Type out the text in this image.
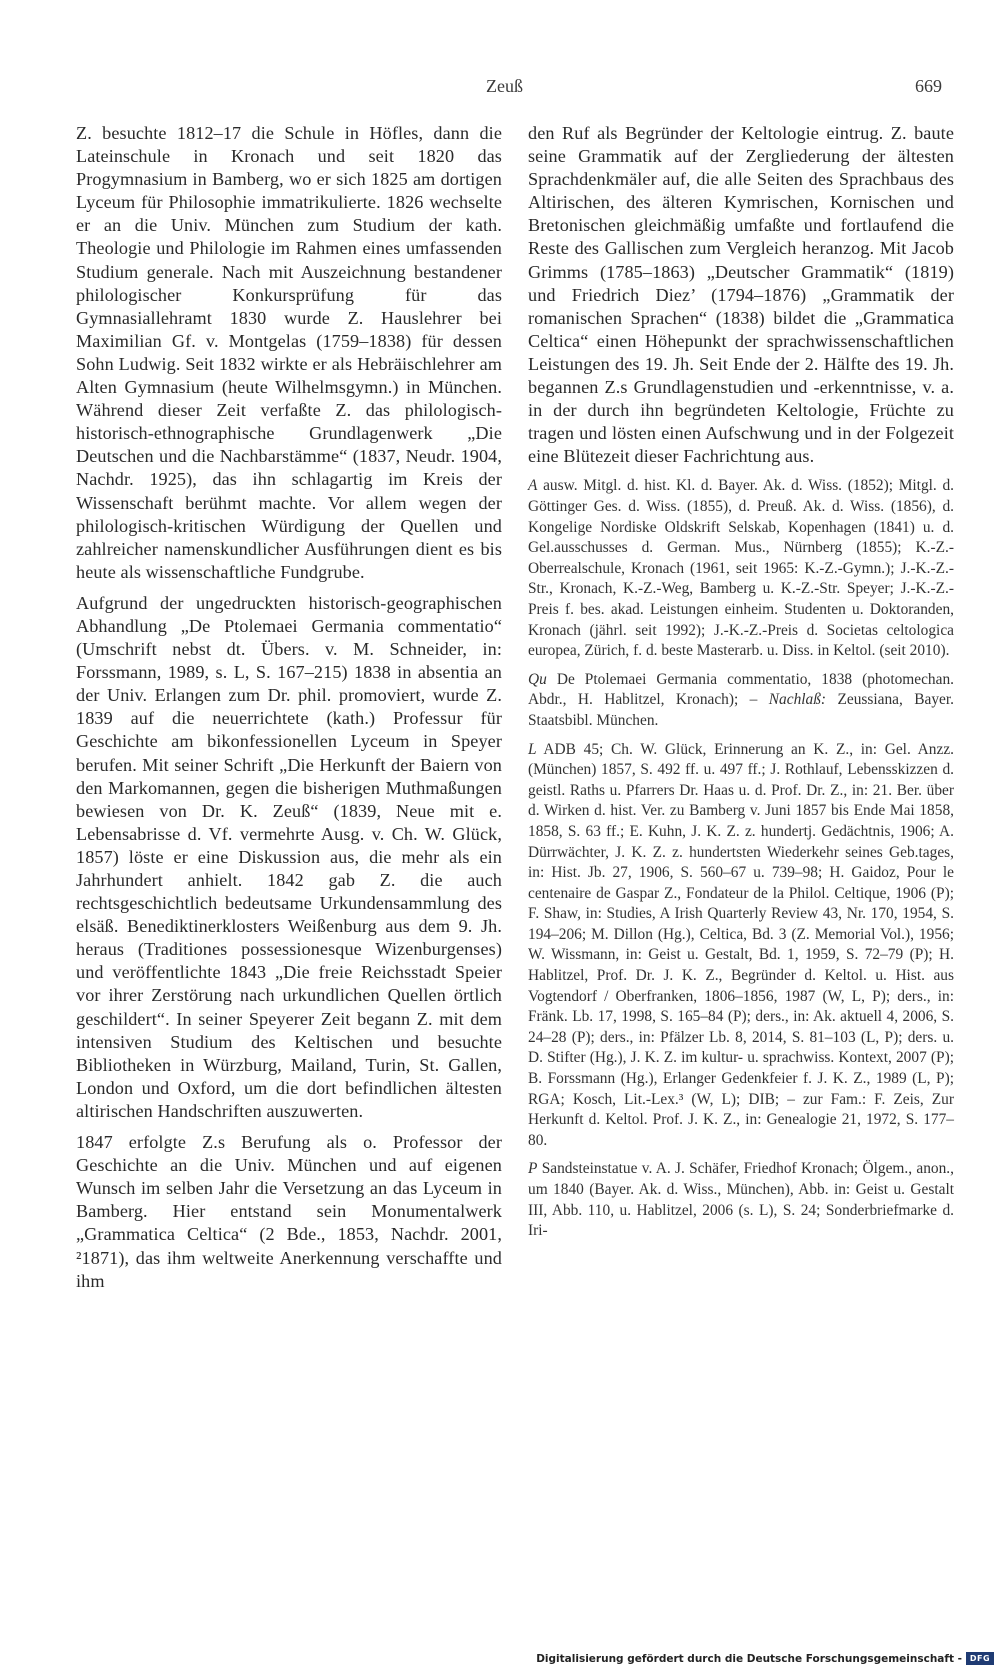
Zeuß	669

Z. besuchte 1812–17 die Schule in Höfles, dann die Lateinschule in Kronach und seit 1820 das Progymnasium in Bamberg, wo er sich 1825 am dortigen Lyceum für Philosophie immatrikulierte. 1826 wechselte er an die Univ. München zum Studium der kath. Theologie und Philologie im Rahmen eines umfassenden Studium generale. Nach mit Auszeichnung bestandener philologischer Konkursprüfung für das Gymnasiallehramt 1830 wurde Z. Hauslehrer bei Maximilian Gf. v. Montgelas (1759–1838) für dessen Sohn Ludwig. Seit 1832 wirkte er als Hebräischlehrer am Alten Gymnasium (heute Wilhelmsgymn.) in München. Während dieser Zeit verfaßte Z. das philologisch-historisch-ethnographische Grundlagenwerk „Die Deutschen und die Nachbarstämme“ (1837, Neudr. 1904, Nachdr. 1925), das ihn schlagartig im Kreis der Wissenschaft berühmt machte. Vor allem wegen der philologisch-kritischen Würdigung der Quellen und zahlreicher namenskundlicher Ausführungen dient es bis heute als wissenschaftliche Fundgrube.

Aufgrund der ungedruckten historisch-geographischen Abhandlung „De Ptolemaei Germania commentatio“ (Umschrift nebst dt. Übers. v. M. Schneider, in: Forssmann, 1989, s. L, S. 167–215) 1838 in absentia an der Univ. Erlangen zum Dr. phil. promoviert, wurde Z. 1839 auf die neuerrichtete (kath.) Professur für Geschichte am bikonfessionellen Lyceum in Speyer berufen. Mit seiner Schrift „Die Herkunft der Baiern von den Markomannen, gegen die bisherigen Muthmaßungen bewiesen von Dr. K. Zeuß“ (1839, Neue mit e. Lebensabrisse d. Vf. vermehrte Ausg. v. Ch. W. Glück, 1857) löste er eine Diskussion aus, die mehr als ein Jahrhundert anhielt. 1842 gab Z. die auch rechtsgeschichtlich bedeutsame Urkundensammlung des elsäß. Benediktinerklosters Weißenburg aus dem 9. Jh. heraus (Traditiones possessionesque Wizenburgenses) und veröffentlichte 1843 „Die freie Reichsstadt Speier vor ihrer Zerstörung nach urkundlichen Quellen örtlich geschildert“. In seiner Speyerer Zeit begann Z. mit dem intensiven Studium des Keltischen und besuchte Bibliotheken in Würzburg, Mailand, Turin, St. Gallen, London und Oxford, um die dort befindlichen ältesten altirischen Handschriften auszuwerten.

1847 erfolgte Z.s Berufung als o. Professor der Geschichte an die Univ. München und auf eigenen Wunsch im selben Jahr die Versetzung an das Lyceum in Bamberg. Hier entstand sein Monumentalwerk „Grammatica Celtica“ (2 Bde., 1853, Nachdr. 2001, ²1871), das ihm weltweite Anerkennung verschaffte und ihm

den Ruf als Begründer der Keltologie eintrug. Z. baute seine Grammatik auf der Zergliederung der ältesten Sprachdenkmäler auf, die alle Seiten des Sprachbaus des Altirischen, des älteren Kymrischen, Kornischen und Bretonischen gleichmäßig umfaßte und fortlaufend die Reste des Gallischen zum Vergleich heranzog. Mit Jacob Grimms (1785–1863) „Deutscher Grammatik“ (1819) und Friedrich Diez’ (1794–1876) „Grammatik der romanischen Sprachen“ (1838) bildet die „Grammatica Celtica“ einen Höhepunkt der sprachwissenschaftlichen Leistungen des 19. Jh. Seit Ende der 2. Hälfte des 19. Jh. begannen Z.s Grundlagenstudien und -erkenntnisse, v. a. in der durch ihn begründeten Keltologie, Früchte zu tragen und lösten einen Aufschwung und in der Folgezeit eine Blütezeit dieser Fachrichtung aus.

A ausw. Mitgl. d. hist. Kl. d. Bayer. Ak. d. Wiss. (1852); Mitgl. d. Göttinger Ges. d. Wiss. (1855), d. Preuß. Ak. d. Wiss. (1856), d. Kongelige Nordiske Oldskrift Selskab, Kopenhagen (1841) u. d. Gel.ausschusses d. German. Mus., Nürnberg (1855); K.-Z.-Oberrealschule, Kronach (1961, seit 1965: K.-Z.-Gymn.); J.-K.-Z.-Str., Kronach, K.-Z.-Weg, Bamberg u. K.-Z.-Str. Speyer; J.-K.-Z.-Preis f. bes. akad. Leistungen einheim. Studenten u. Doktoranden, Kronach (jährl. seit 1992); J.-K.-Z.-Preis d. Societas celtologica europea, Zürich, f. d. beste Masterarb. u. Diss. in Keltol. (seit 2010).

Qu De Ptolemaei Germania commentatio, 1838 (photomechan. Abdr., H. Hablitzel, Kronach); – Nachlaß: Zeussiana, Bayer. Staatsbibl. München.

L ADB 45; Ch. W. Glück, Erinnerung an K. Z., in: Gel. Anzz. (München) 1857, S. 492 ff. u. 497 ff.; J. Rothlauf, Lebensskizzen d. geistl. Raths u. Pfarrers Dr. Haas u. d. Prof. Dr. Z., in: 21. Ber. über d. Wirken d. hist. Ver. zu Bamberg v. Juni 1857 bis Ende Mai 1858, 1858, S. 63 ff.; E. Kuhn, J. K. Z. z. hundertj. Gedächtnis, 1906; A. Dürrwächter, J. K. Z. z. hundertsten Wiederkehr seines Geb.tages, in: Hist. Jb. 27, 1906, S. 560–67 u. 739–98; H. Gaidoz, Pour le centenaire de Gaspar Z., Fondateur de la Philol. Celtique, 1906 (P); F. Shaw, in: Studies, A Irish Quarterly Review 43, Nr. 170, 1954, S. 194–206; M. Dillon (Hg.), Celtica, Bd. 3 (Z. Memorial Vol.), 1956; W. Wissmann, in: Geist u. Gestalt, Bd. 1, 1959, S. 72–79 (P); H. Hablitzel, Prof. Dr. J. K. Z., Begründer d. Keltol. u. Hist. aus Vogtendorf / Oberfranken, 1806–1856, 1987 (W, L, P); ders., in: Fränk. Lb. 17, 1998, S. 165–84 (P); ders., in: Ak. aktuell 4, 2006, S. 24–28 (P); ders., in: Pfälzer Lb. 8, 2014, S. 81–103 (L, P); ders. u. D. Stifter (Hg.), J. K. Z. im kultur- u. sprachwiss. Kontext, 2007 (P); B. Forssmann (Hg.), Erlanger Gedenkfeier f. J. K. Z., 1989 (L, P); RGA; Kosch, Lit.-Lex.³ (W, L); DIB; – zur Fam.: F. Zeis, Zur Herkunft d. Keltol. Prof. J. K. Z., in: Genealogie 21, 1972, S. 177–80.

P Sandsteinstatue v. A. J. Schäfer, Friedhof Kronach; Ölgem., anon., um 1840 (Bayer. Ak. d. Wiss., München), Abb. in: Geist u. Gestalt III, Abb. 110, u. Hablitzel, 2006 (s. L), S. 24; Sonderbriefmarke d. Iri-

Digitalisierung gefördert durch die Deutsche Forschungsgemeinschaft - DFG
